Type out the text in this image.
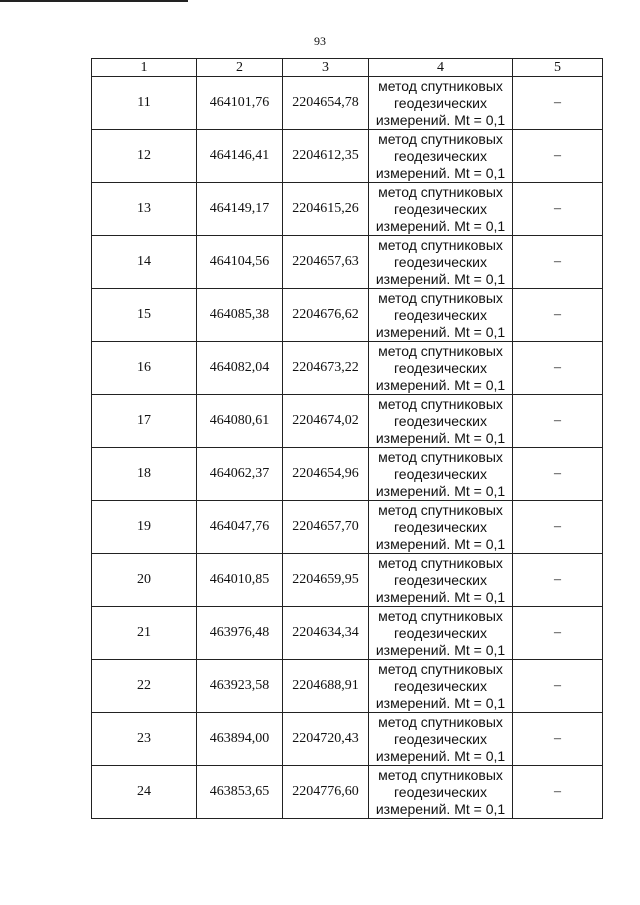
93
1	2	3	4	5
11	464101,76	2204654,78	метод спутниковых
геодезических
измерений. Mt = 0,1	–
12	464146,41	2204612,35	метод спутниковых
геодезических
измерений. Mt = 0,1	–
13	464149,17	2204615,26	метод спутниковых
геодезических
измерений. Mt = 0,1	–
14	464104,56	2204657,63	метод спутниковых
геодезических
измерений. Mt = 0,1	–
15	464085,38	2204676,62	метод спутниковых
геодезических
измерений. Mt = 0,1	–
16	464082,04	2204673,22	метод спутниковых
геодезических
измерений. Mt = 0,1	–
17	464080,61	2204674,02	метод спутниковых
геодезических
измерений. Mt = 0,1	–
18	464062,37	2204654,96	метод спутниковых
геодезических
измерений. Mt = 0,1	–
19	464047,76	2204657,70	метод спутниковых
геодезических
измерений. Mt = 0,1	–
20	464010,85	2204659,95	метод спутниковых
геодезических
измерений. Mt = 0,1	–
21	463976,48	2204634,34	метод спутниковых
геодезических
измерений. Mt = 0,1	–
22	463923,58	2204688,91	метод спутниковых
геодезических
измерений. Mt = 0,1	–
23	463894,00	2204720,43	метод спутниковых
геодезических
измерений. Mt = 0,1	–
24	463853,65	2204776,60	метод спутниковых
геодезических
измерений. Mt = 0,1	–
